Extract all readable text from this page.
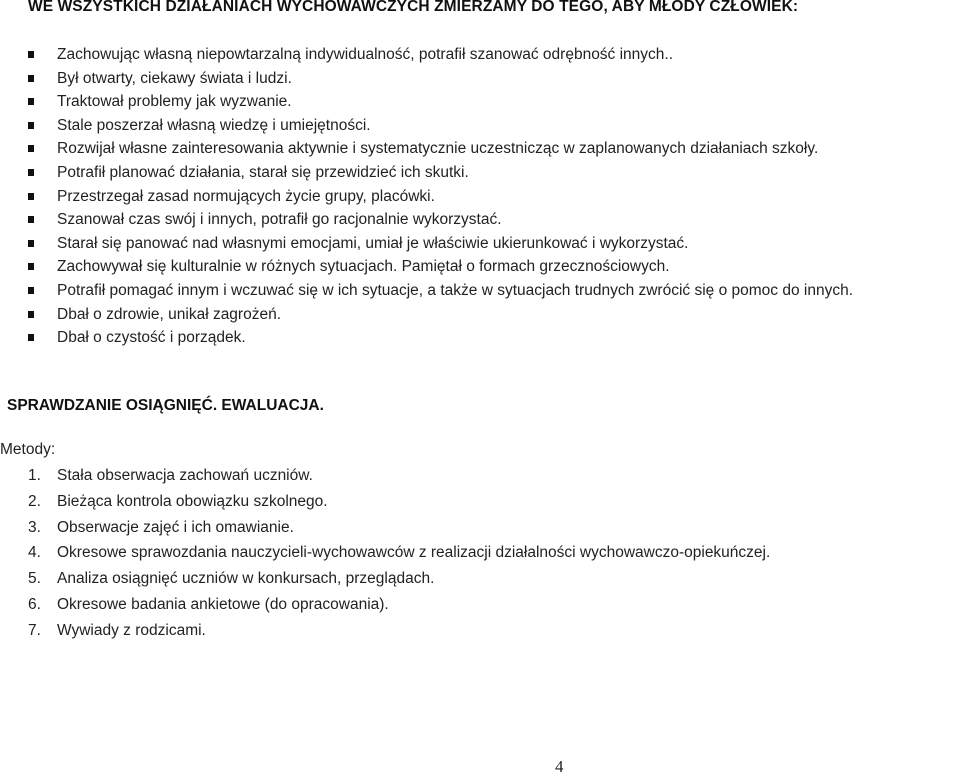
WE WSZYSTKICH DZIAŁANIACH WYCHOWAWCZYCH ZMIERZAMY DO TEGO, ABY MŁODY CZŁOWIEK:
Zachowując własną niepowtarzalną indywidualność, potrafił szanować odrębność innych..
Był otwarty, ciekawy świata i ludzi.
Traktował problemy jak wyzwanie.
Stale poszerzał własną wiedzę i umiejętności.
Rozwijał własne zainteresowania aktywnie i systematycznie uczestnicząc w zaplanowanych działaniach szkoły.
Potrafił planować działania, starał się przewidzieć ich skutki.
Przestrzegał zasad normujących życie grupy, placówki.
Szanował czas swój i innych, potrafił go racjonalnie wykorzystać.
Starał się panować nad własnymi emocjami, umiał je właściwie ukierunkować i wykorzystać.
Zachowywał się kulturalnie w różnych sytuacjach. Pamiętał o formach grzecznościowych.
Potrafił pomagać innym i wczuwać się w ich sytuacje, a także w sytuacjach trudnych zwrócić się o pomoc do innych.
Dbał o zdrowie, unikał zagrożeń.
Dbał o czystość i porządek.
SPRAWDZANIE OSIĄGNIĘĆ. EWALUACJA.
Metody:
1. Stała obserwacja zachowań uczniów.
2. Bieżąca kontrola obowiązku szkolnego.
3. Obserwacje zajęć i ich omawianie.
4. Okresowe sprawozdania nauczycieli-wychowawców z realizacji działalności wychowawczo-opiekuńczej.
5. Analiza osiągnięć uczniów w konkursach, przeglądach.
6. Okresowe badania ankietowe (do opracowania).
7. Wywiady z rodzicami.
4
